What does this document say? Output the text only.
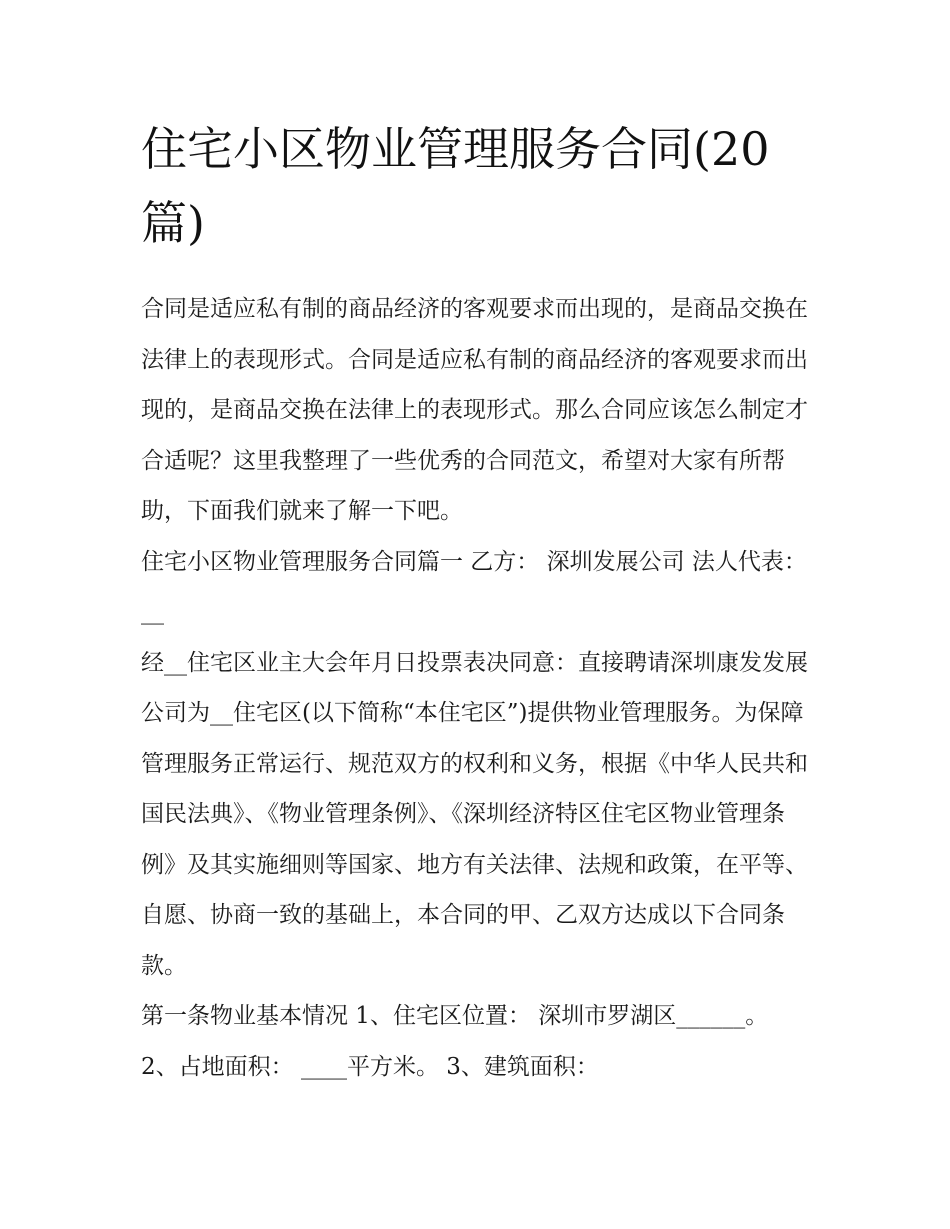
住宅小区物业管理服务合同(20篇)

合同是适应私有制的商品经济的客观要求而出现的，是商品交换在法律上的表现形式。合同是适应私有制的商品经济的客观要求而出现的，是商品交换在法律上的表现形式。那么合同应该怎么制定才合适呢？这里我整理了一些优秀的合同范文，希望对大家有所帮助，下面我们就来了解一下吧。

住宅小区物业管理服务合同篇一 乙方： 深圳发展公司 法人代表：__

经__住宅区业主大会年月日投票表决同意：直接聘请深圳康发发展公司为__住宅区(以下简称“本住宅区”)提供物业管理服务。为保障管理服务正常运行、规范双方的权利和义务，根据《中华人民共和国民法典》、《物业管理条例》、《深圳经济特区住宅区物业管理条例》及其实施细则等国家、地方有关法律、法规和政策，在平等、自愿、协商一致的基础上，本合同的甲、乙双方达成以下合同条款。

第一条物业基本情况 1、住宅区位置： 深圳市罗湖区______。 2、占地面积： ____平方米。 3、建筑面积：
